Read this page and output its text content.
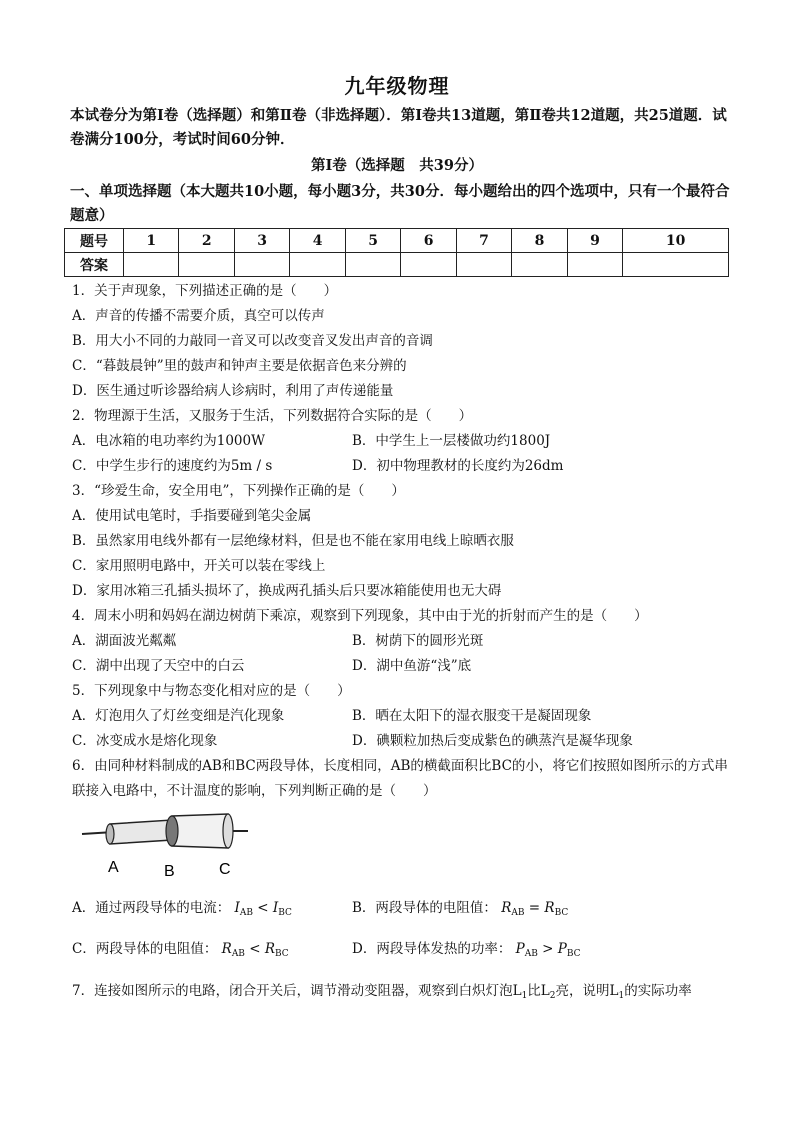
九年级物理
本试卷分为第Ⅰ卷（选择题）和第Ⅱ卷（非选择题）．第Ⅰ卷共13道题，第Ⅱ卷共12道题，共25道题．试卷满分100分，考试时间60分钟．
第Ⅰ卷（选择题　共39分）
一、单项选择题（本大题共10小题，每小题3分，共30分．每小题给出的四个选项中，只有一个最符合题意）
题号	1	2	3	4	5	6	7	8	9	10
答案										
1．关于声现象，下列描述正确的是（　　）
A．声音的传播不需要介质，真空可以传声
B．用大小不同的力敲同一音叉可以改变音叉发出声音的音调
C．“暮鼓晨钟”里的鼓声和钟声主要是依据音色来分辨的
D．医生通过听诊器给病人诊病时，利用了声传递能量
2．物理源于生活，又服务于生活，下列数据符合实际的是（　　）
A．电冰箱的电功率约为1000W	B．中学生上一层楼做功约1800J
C．中学生步行的速度约为5m / s	D．初中物理教材的长度约为26dm
3．“珍爱生命，安全用电”，下列操作正确的是（　　）
A．使用试电笔时，手指要碰到笔尖金属
B．虽然家用电线外都有一层绝缘材料，但是也不能在家用电线上晾晒衣服
C．家用照明电路中，开关可以装在零线上
D．家用冰箱三孔插头损坏了，换成两孔插头后只要冰箱能使用也无大碍
4．周末小明和妈妈在湖边树荫下乘凉，观察到下列现象，其中由于光的折射而产生的是（　　）
A．湖面波光粼粼	B．树荫下的圆形光斑
C．湖中出现了天空中的白云	D．湖中鱼游“浅”底
5．下列现象中与物态变化相对应的是（　　）
A．灯泡用久了灯丝变细是汽化现象	B．晒在太阳下的湿衣服变干是凝固现象
C．冰变成水是熔化现象	D．碘颗粒加热后变成紫色的碘蒸汽是凝华现象
6．由同种材料制成的AB和BC两段导体，长度相同，AB的横截面积比BC的小，将它们按照如图所示的方式串联接入电路中，不计温度的影响，下列判断正确的是（　　）
A	B	C
A．通过两段导体的电流： $I_{AB} < I_{BC}$	B．两段导体的电阻值： $R_{AB} = R_{BC}$
C．两段导体的电阻值： $R_{AB} < R_{BC}$	D．两段导体发热的功率： $P_{AB} > P_{BC}$
7．连接如图所示的电路，闭合开关后，调节滑动变阻器，观察到白炽灯泡$L_1$比$L_2$亮，说明$L_1$的实际功率
